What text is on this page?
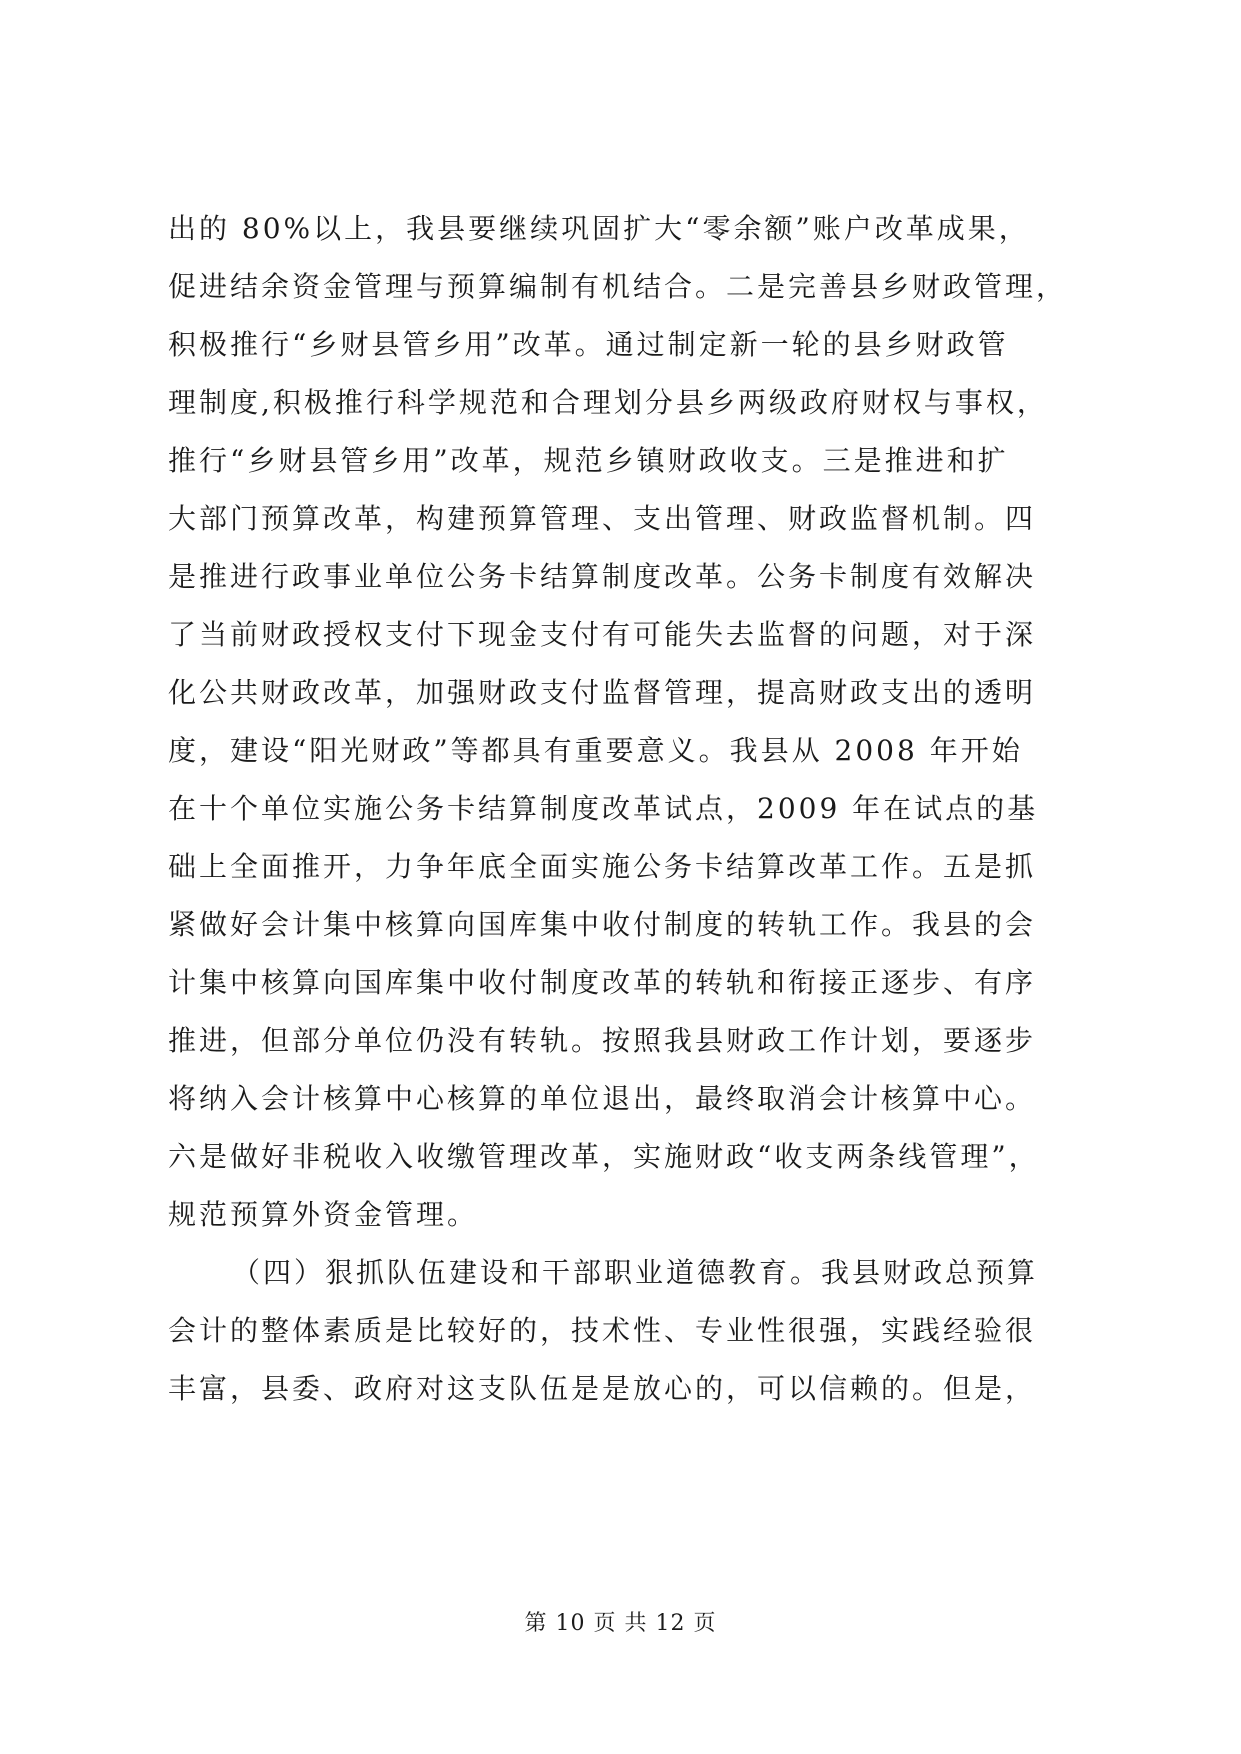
出的 80%以上，我县要继续巩固扩大“零余额”账户改革成果，
促进结余资金管理与预算编制有机结合。二是完善县乡财政管理，
积极推行“乡财县管乡用”改革。通过制定新一轮的县乡财政管
理制度,积极推行科学规范和合理划分县乡两级政府财权与事权，
推行“乡财县管乡用”改革，规范乡镇财政收支。三是推进和扩
大部门预算改革，构建预算管理、支出管理、财政监督机制。四
是推进行政事业单位公务卡结算制度改革。公务卡制度有效解决
了当前财政授权支付下现金支付有可能失去监督的问题，对于深
化公共财政改革，加强财政支付监督管理，提高财政支出的透明
度，建设“阳光财政”等都具有重要意义。我县从 2008 年开始
在十个单位实施公务卡结算制度改革试点，2009 年在试点的基
础上全面推开，力争年底全面实施公务卡结算改革工作。五是抓
紧做好会计集中核算向国库集中收付制度的转轨工作。我县的会
计集中核算向国库集中收付制度改革的转轨和衔接正逐步、有序
推进，但部分单位仍没有转轨。按照我县财政工作计划，要逐步
将纳入会计核算中心核算的单位退出，最终取消会计核算中心。
六是做好非税收入收缴管理改革，实施财政“收支两条线管理”，
规范预算外资金管理。
（四）狠抓队伍建设和干部职业道德教育。我县财政总预算
会计的整体素质是比较好的，技术性、专业性很强，实践经验很
丰富，县委、政府对这支队伍是是放心的，可以信赖的。但是，
第 10 页 共 12 页
